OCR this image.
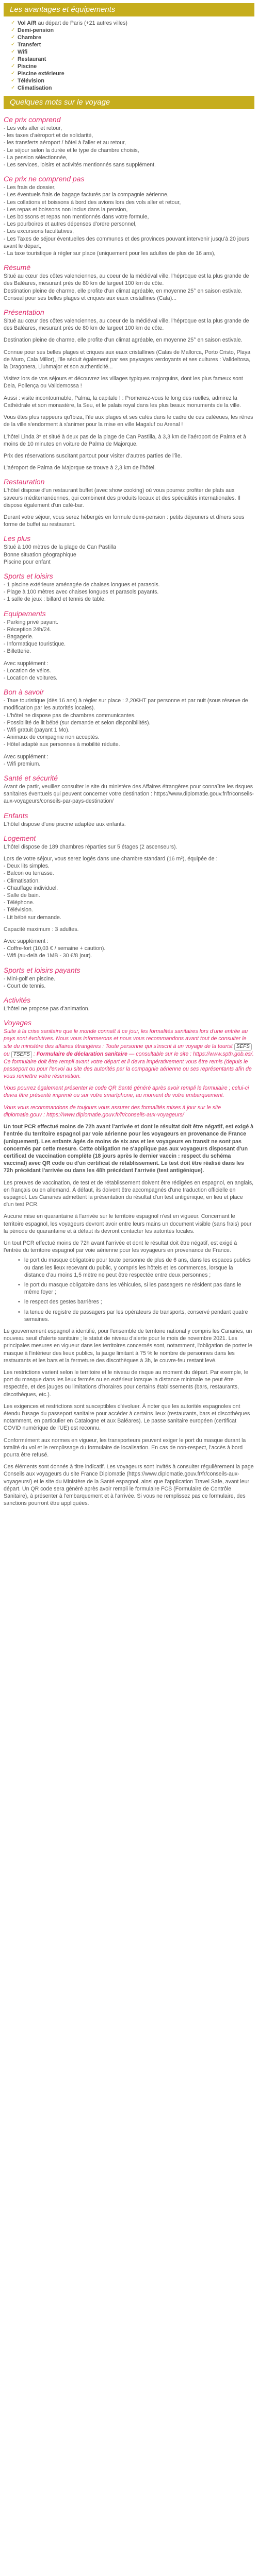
Les avantages et équipements
✓ Vol A/R au départ de Paris (+21 autres villes)
✓ Demi-pension
✓ Chambre
✓ Transfert
✓ Wifi
✓ Restaurant
✓ Piscine
✓ Piscine extérieure
✓ Télévision
✓ Climatisation
Quelques mots sur le voyage
Ce prix comprend

- Les vols aller et retour,

- les taxes d'aéroport et de solidarité,

- les transferts aéroport / hôtel à l'aller et au retour,

- Le séjour selon la durée et le type de chambre choisis,

- La pension sélectionnée,

- Les services, loisirs et activités mentionnés sans supplément.

Ce prix ne comprend pas

- Les frais de dossier,

- Les éventuels frais de bagage facturés par la compagnie aérienne,

- Les collations et boissons à bord des avions lors des vols aller et retour,

- Les repas et boissons non inclus dans la pension,

- Les boissons et repas non mentionnés dans votre formule,

- Les pourboires et autres dépenses d'ordre personnel,

- Les excursions facultatives,

- Les Taxes de séjour éventuelles des communes et des provinces pouvant intervenir jusqu'à 20 jours avant le départ,

- La taxe touristique à régler sur place (uniquement pour les adultes de plus de 16 ans),

Résumé

Situé au cœur des côtes valenciennes, au coeur de la médiéval ville, l'héproque est la plus grande de des Baléares, mesurant près de 80 km de largeet 100 km de côte.

Destination pleine de charme, elle profite d'un climat agréable, en moyenne 25° en saison estivale.

Conseal pour ses belles plages et criques aux eaux cristallines (Cala)...

Présentation

Situé au cœur des côtes valenciennes, au coeur de la médiéval ville, l'héproque est la plus grande de des Baléares, mesurant près de 80 km de largeet 100 km de côte.

Destination pleine de charme, elle profite d'un climat agréable, en moyenne 25° en saison estivale.

Connue pour ses belles plages et criques aux eaux cristallines (Calas de Mallorca, Porto Cristo, Playa de Muro, Cala Millor), l'île séduit également par ses paysages verdoyants et ses cultures : Valldeltosa, la Dragonera, Lluhmajor et son authenticité...

Visitez lors de vos séjours et découvrez les villages typiques majorquins, dont les plus fameux sont Deia, Pollença ou Valldemossa !

Aussi : visite incontournable, Palma, la capitale ! : Promenez-vous le long des ruelles, admirez la Cathédrale et son monastère, la Seu, et le palais royal dans les plus beaux monuments de la ville.

Vous êtes plus rappeurs qu'Ibiza, l'île aux plages et ses cafés dans le cadre de ces caféeues, les rênes de la ville s'endorment à s'animer pour la mise en ville Magaluf ou Arenal !

L'hôtel Linda 3* et situé à deux pas de la plage de Can Pastilla, à 3,3 km de l'aéroport de Palma et à moins de 10 minutes en voiture de Palma de Majorque.

Prix des réservations suscitant partout pour visiter d'autres parties de l'île.

L'aéroport de Palma de Majorque se trouve à 2,3 km de l'hôtel.

Restauration

L'hôtel dispose d'un restaurant buffet (avec show cooking) où vous pourrez profiter de plats aux saveurs méditerranéennes, qui combinent des produits locaux et des spécialités internationales. Il dispose également d'un café-bar.

Durant votre séjour, vous serez hébergés en formule demi-pension : petits déjeuners et dîners sous forme de buffet au restaurant.

Les plus

Situé à 100 mètres de la plage de Can Pastilla

Bonne situation géographique

Piscine pour enfant

Sports et loisirs

- 1 piscine extérieure aménagée de chaises longues et parasols.

- Plage à 100 mètres avec chaises longues et parasols payants.

- 1 salle de jeux : billard et tennis de table.

Equipements

- Parking privé payant.

- Réception 24h/24.

- Bagagerie.

- Informatique touristique.

- Billetterie.

Avec supplément :

- Location de vélos.

- Location de voitures.

Bon à savoir

- Taxe touristique (dès 16 ans) à régler sur place : 2,20€HT par personne et par nuit (sous réserve de modification par les autorités locales).

- L'hôtel ne dispose pas de chambres communicantes.

- Possibilité de lit bébé (sur demande et selon disponibilités).

- Wifi gratuit (payant 1 Mo).

- Animaux de compagnie non acceptés.

- Hôtel adapté aux personnes à mobilité réduite.

Avec supplément :

- Wifi premium.

Santé et sécurité

Avant de partir, veuillez consulter le site du ministère des Affaires étrangères pour connaître les risques sanitaires éventuels qui peuvent concerner votre destination : https://www.diplomatie.gouv.fr/fr/conseils-aux-voyageurs/conseils-par-pays-destination/

Enfants

L'hôtel dispose d'une piscine adaptée aux enfants.

Logement

L'hôtel dispose de 189 chambres réparties sur 5 étages (2 ascenseurs).

Lors de votre séjour, vous serez logés dans une chambre standard (16 m²), équipée de :

- Deux lits simples.

- Balcon ou terrasse.

- Climatisation.

- Chauffage individuel.

- Salle de bain.

- Téléphone.

- Télévision.

- Lit bébé sur demande.

Capacité maximum : 3 adultes.

Avec supplément :

- Coffre-fort (10,03 € / semaine + caution).

- Wifi (au-delà de 1MB - 30 €/8 jour).

Sports et loisirs payants

- Mini-golf en piscine.

- Court de tennis.

Activités

L'hôtel ne propose pas d'animation.

Voyages

Suite à la crise sanitaire que le monde connaît à ce jour, les formalités sanitaires lors d'une entrée au pays sont évolutives. Nous vous informerons et nous vous recommandons avant tout de consulter le site du ministère des affaires étrangères : Toute personne qui s'inscrit à un voyage de la tourist SEFS ou TSEFS : Formulaire de déclaration sanitaire — consultable sur le site : https://www.spth.gob.es/. Ce formulaire doit être rempli avant votre départ et il devra impérativement vous être remis (depuis le passeport ou pour l'envoi au site des autorités par la compagnie aérienne ou ses représentants afin de vous remettre votre réservation.

Vous pourrez également présenter le code QR Santé généré après avoir rempli le formulaire ; celui-ci devra être présenté imprimé ou sur votre smartphone, au moment de votre embarquement.

Vous vous recommandons de toujours vous assurer des formalités mises à jour sur le site diplomatie.gouv : https://www.diplomatie.gouv.fr/fr/conseils-aux-voyageurs/

Un tout PCR effectué moins de 72h avant l'arrivée et dont le résultat doit être négatif, est exigé à l'entrée du territoire espagnol par voie aérienne pour les voyageurs en provenance de France (uniquement). Les enfants âgés de moins de six ans et les voyageurs en transit ne sont pas concernés par cette mesure. Cette obligation ne s'applique pas aux voyageurs disposant d'un certificat de vaccination complète (18 jours après le dernier vaccin : respect du schéma vaccinal) avec QR code ou d'un certificat de rétablissement. Le test doit être réalisé dans les 72h précédant l'arrivée ou dans les 48h précédant l'arrivée (test antigénique).

Les preuves de vaccination, de test et de rétablissement doivent être rédigées en espagnol, en anglais, en français ou en allemand. À défaut, ils doivent être accompagnés d'une traduction officielle en espagnol. Les Canaries admettent la présentation du résultat d'un test antigénique, en lieu et place d'un test PCR.

Aucune mise en quarantaine à l'arrivée sur le territoire espagnol n'est en vigueur. Concernant le territoire espagnol, les voyageurs devront avoir entre leurs mains un document visible (sans frais) pour la période de quarantaine et à défaut ils devront contacter les autorités locales.

Un tout PCR effectué moins de 72h avant l'arrivée et dont le résultat doit être négatif, est exigé à l'entrée du territoire espagnol par voie aérienne pour les voyageurs en provenance de France.

• le port du masque obligatoire pour toute personne de plus de 6 ans, dans les espaces publics ou dans les lieux recevant du public, y compris les hôtels et les commerces, lorsque la distance d'au moins 1,5 mètre ne peut être respectée entre deux personnes ;

• le port du masque obligatoire dans les véhicules, si les passagers ne résident pas dans le même foyer ;

• le respect des gestes barrières ;

• la tenue de registre de passagers par les opérateurs de transports, conservé pendant quatre semaines.

Le gouvernement espagnol a identifié, pour l'ensemble de territoire national y compris les Canaries, un nouveau seuil d'alerte sanitaire ; le statut de niveau d'alerte pour le mois de novembre 2021. Les principales mesures en vigueur dans les territoires concernés sont, notamment, l'obligation de porter le masque à l'intérieur des lieux publics, la jauge limitant à 75 % le nombre de personnes dans les restaurants et les bars et la fermeture des discothèques à 3h, le couvre-feu restant levé.

Les restrictions varient selon le territoire et le niveau de risque au moment du départ. Par exemple, le port du masque dans les lieux fermés ou en extérieur lorsque la distance minimale ne peut être respectée, et des jauges ou limitations d'horaires pour certains établissements (bars, restaurants, discothèques, etc.).

Les exigences et restrictions sont susceptibles d'évoluer. À noter que les autorités espagnoles ont étendu l'usage du passeport sanitaire pour accéder à certains lieux (restaurants, bars et discothèques notamment, en particulier en Catalogne et aux Baléares). Le passe sanitaire européen (certificat COVID numérique de l'UE) est reconnu.

Conformément aux normes en vigueur, les transporteurs peuvent exiger le port du masque durant la totalité du vol et le remplissage du formulaire de localisation. En cas de non-respect, l'accès à bord pourra être refusé.

Ces éléments sont donnés à titre indicatif. Les voyageurs sont invités à consulter régulièrement la page Conseils aux voyageurs du site France Diplomatie (https://www.diplomatie.gouv.fr/fr/conseils-aux-voyageurs/) et le site du Ministère de la Santé espagnol, ainsi que l'application Travel Safe, avant leur départ. Un QR code sera généré après avoir rempli le formulaire FCS (Formulaire de Contrôle Sanitaire), à présenter à l'embarquement et à l'arrivée. Si vous ne remplissez pas ce formulaire, des sanctions pourront être appliquées.
